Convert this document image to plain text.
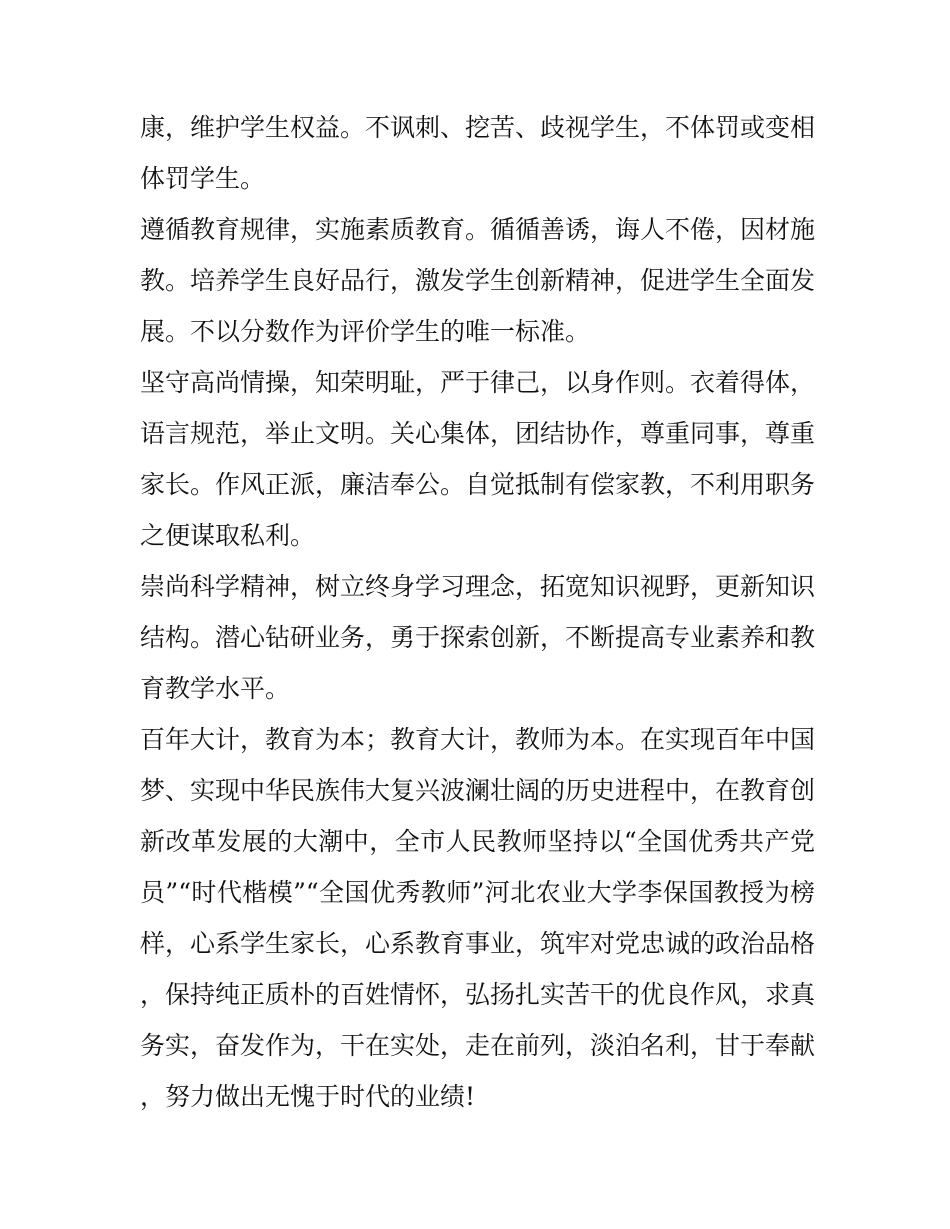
康，维护学生权益。不讽刺、挖苦、歧视学生，不体罚或变相体罚学生。

遵循教育规律，实施素质教育。循循善诱，诲人不倦，因材施教。培养学生良好品行，激发学生创新精神，促进学生全面发展。不以分数作为评价学生的唯一标准。

坚守高尚情操，知荣明耻，严于律己，以身作则。衣着得体，语言规范，举止文明。关心集体，团结协作，尊重同事，尊重家长。作风正派，廉洁奉公。自觉抵制有偿家教，不利用职务之便谋取私利。

崇尚科学精神，树立终身学习理念，拓宽知识视野，更新知识结构。潜心钻研业务，勇于探索创新，不断提高专业素养和教育教学水平。

百年大计，教育为本；教育大计，教师为本。在实现百年中国梦、实现中华民族伟大复兴波澜壮阔的历史进程中，在教育创新改革发展的大潮中，全市人民教师坚持以“全国优秀共产党员”“时代楷模”“全国优秀教师”河北农业大学李保国教授为榜样，心系学生家长，心系教育事业，筑牢对党忠诚的政治品格，保持纯正质朴的百姓情怀，弘扬扎实苦干的优良作风，求真务实，奋发作为，干在实处，走在前列，淡泊名利，甘于奉献，努力做出无愧于时代的业绩!
